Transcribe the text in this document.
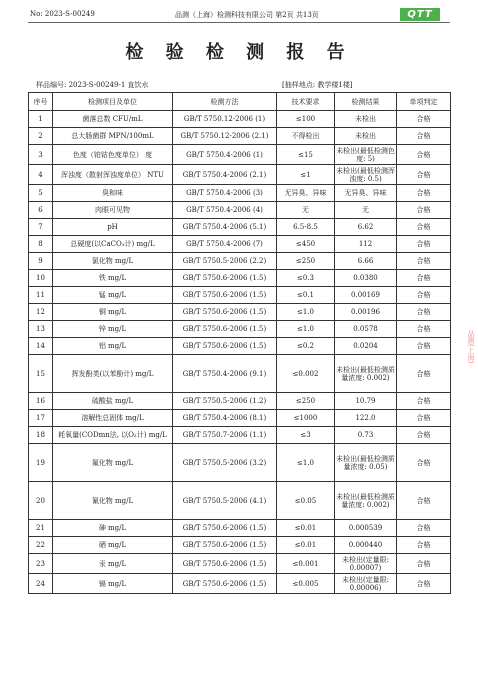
No: 2023-S-00249	品测（上海）检测科技有限公司 第2页 共13页	QTT
检 验 检 测 报 告
样品编号: 2023-S-00249-1 直饮水	[抽样地点: 教学楼1楼]
序号	检测项目及单位	检测方法	技术要求	检测结果	单项判定
1	菌落总数 CFU/mL	GB/T 5750.12-2006 (1)	≤100	未检出	合格
2	总大肠菌群 MPN/100mL	GB/T 5750.12-2006 (2.1)	不得检出	未检出	合格
3	色度（铂钴色度单位） 度	GB/T 5750.4-2006 (1)	≤15	未检出(最低检测色度: 5)	合格
4	浑浊度（散射浑浊度单位） NTU	GB/T 5750.4-2006 (2.1)	≤1	未检出(最低检测浑浊度: 0.5)	合格
5	臭和味	GB/T 5750.4-2006 (3)	无异臭、异味	无异臭、异味	合格
6	肉眼可见物	GB/T 5750.4-2006 (4)	无	无	合格
7	pH	GB/T 5750.4-2006 (5.1)	6.5-8.5	6.62	合格
8	总硬度(以CaCO₃计) mg/L	GB/T 5750.4-2006 (7)	≤450	112	合格
9	氯化物 mg/L	GB/T 5750.5-2006 (2.2)	≤250	6.66	合格
10	铁 mg/L	GB/T 5750.6-2006 (1.5)	≤0.3	0.0380	合格
11	锰 mg/L	GB/T 5750.6-2006 (1.5)	≤0.1	0.00169	合格
12	铜 mg/L	GB/T 5750.6-2006 (1.5)	≤1.0	0.00196	合格
13	锌 mg/L	GB/T 5750.6-2006 (1.5)	≤1.0	0.0578	合格
14	铝 mg/L	GB/T 5750.6-2006 (1.5)	≤0.2	0.0204	合格
15	挥发酚类(以苯酚计) mg/L	GB/T 5750.4-2006 (9.1)	≤0.002	未检出(最低检测质量浓度: 0.002)	合格
16	硫酸盐 mg/L	GB/T 5750.5-2006 (1.2)	≤250	10.79	合格
17	溶解性总固体 mg/L	GB/T 5750.4-2006 (8.1)	≤1000	122.0	合格
18	耗氧量(CODmn法, 以O₂计) mg/L	GB/T 5750.7-2006 (1.1)	≤3	0.73	合格
19	氟化物 mg/L	GB/T 5750.5-2006 (3.2)	≤1.0	未检出(最低检测质量浓度: 0.05)	合格
20	氰化物 mg/L	GB/T 5750.5-2006 (4.1)	≤0.05	未检出(最低检测质量浓度: 0.002)	合格
21	砷 mg/L	GB/T 5750.6-2006 (1.5)	≤0.01	0.000539	合格
22	硒 mg/L	GB/T 5750.6-2006 (1.5)	≤0.01	0.000440	合格
23	汞 mg/L	GB/T 5750.6-2006 (1.5)	≤0.001	未检出(定量限: 0.00007)	合格
24	镉 mg/L	GB/T 5750.6-2006 (1.5)	≤0.005	未检出(定量限: 0.00006)	合格
品测(上海)
